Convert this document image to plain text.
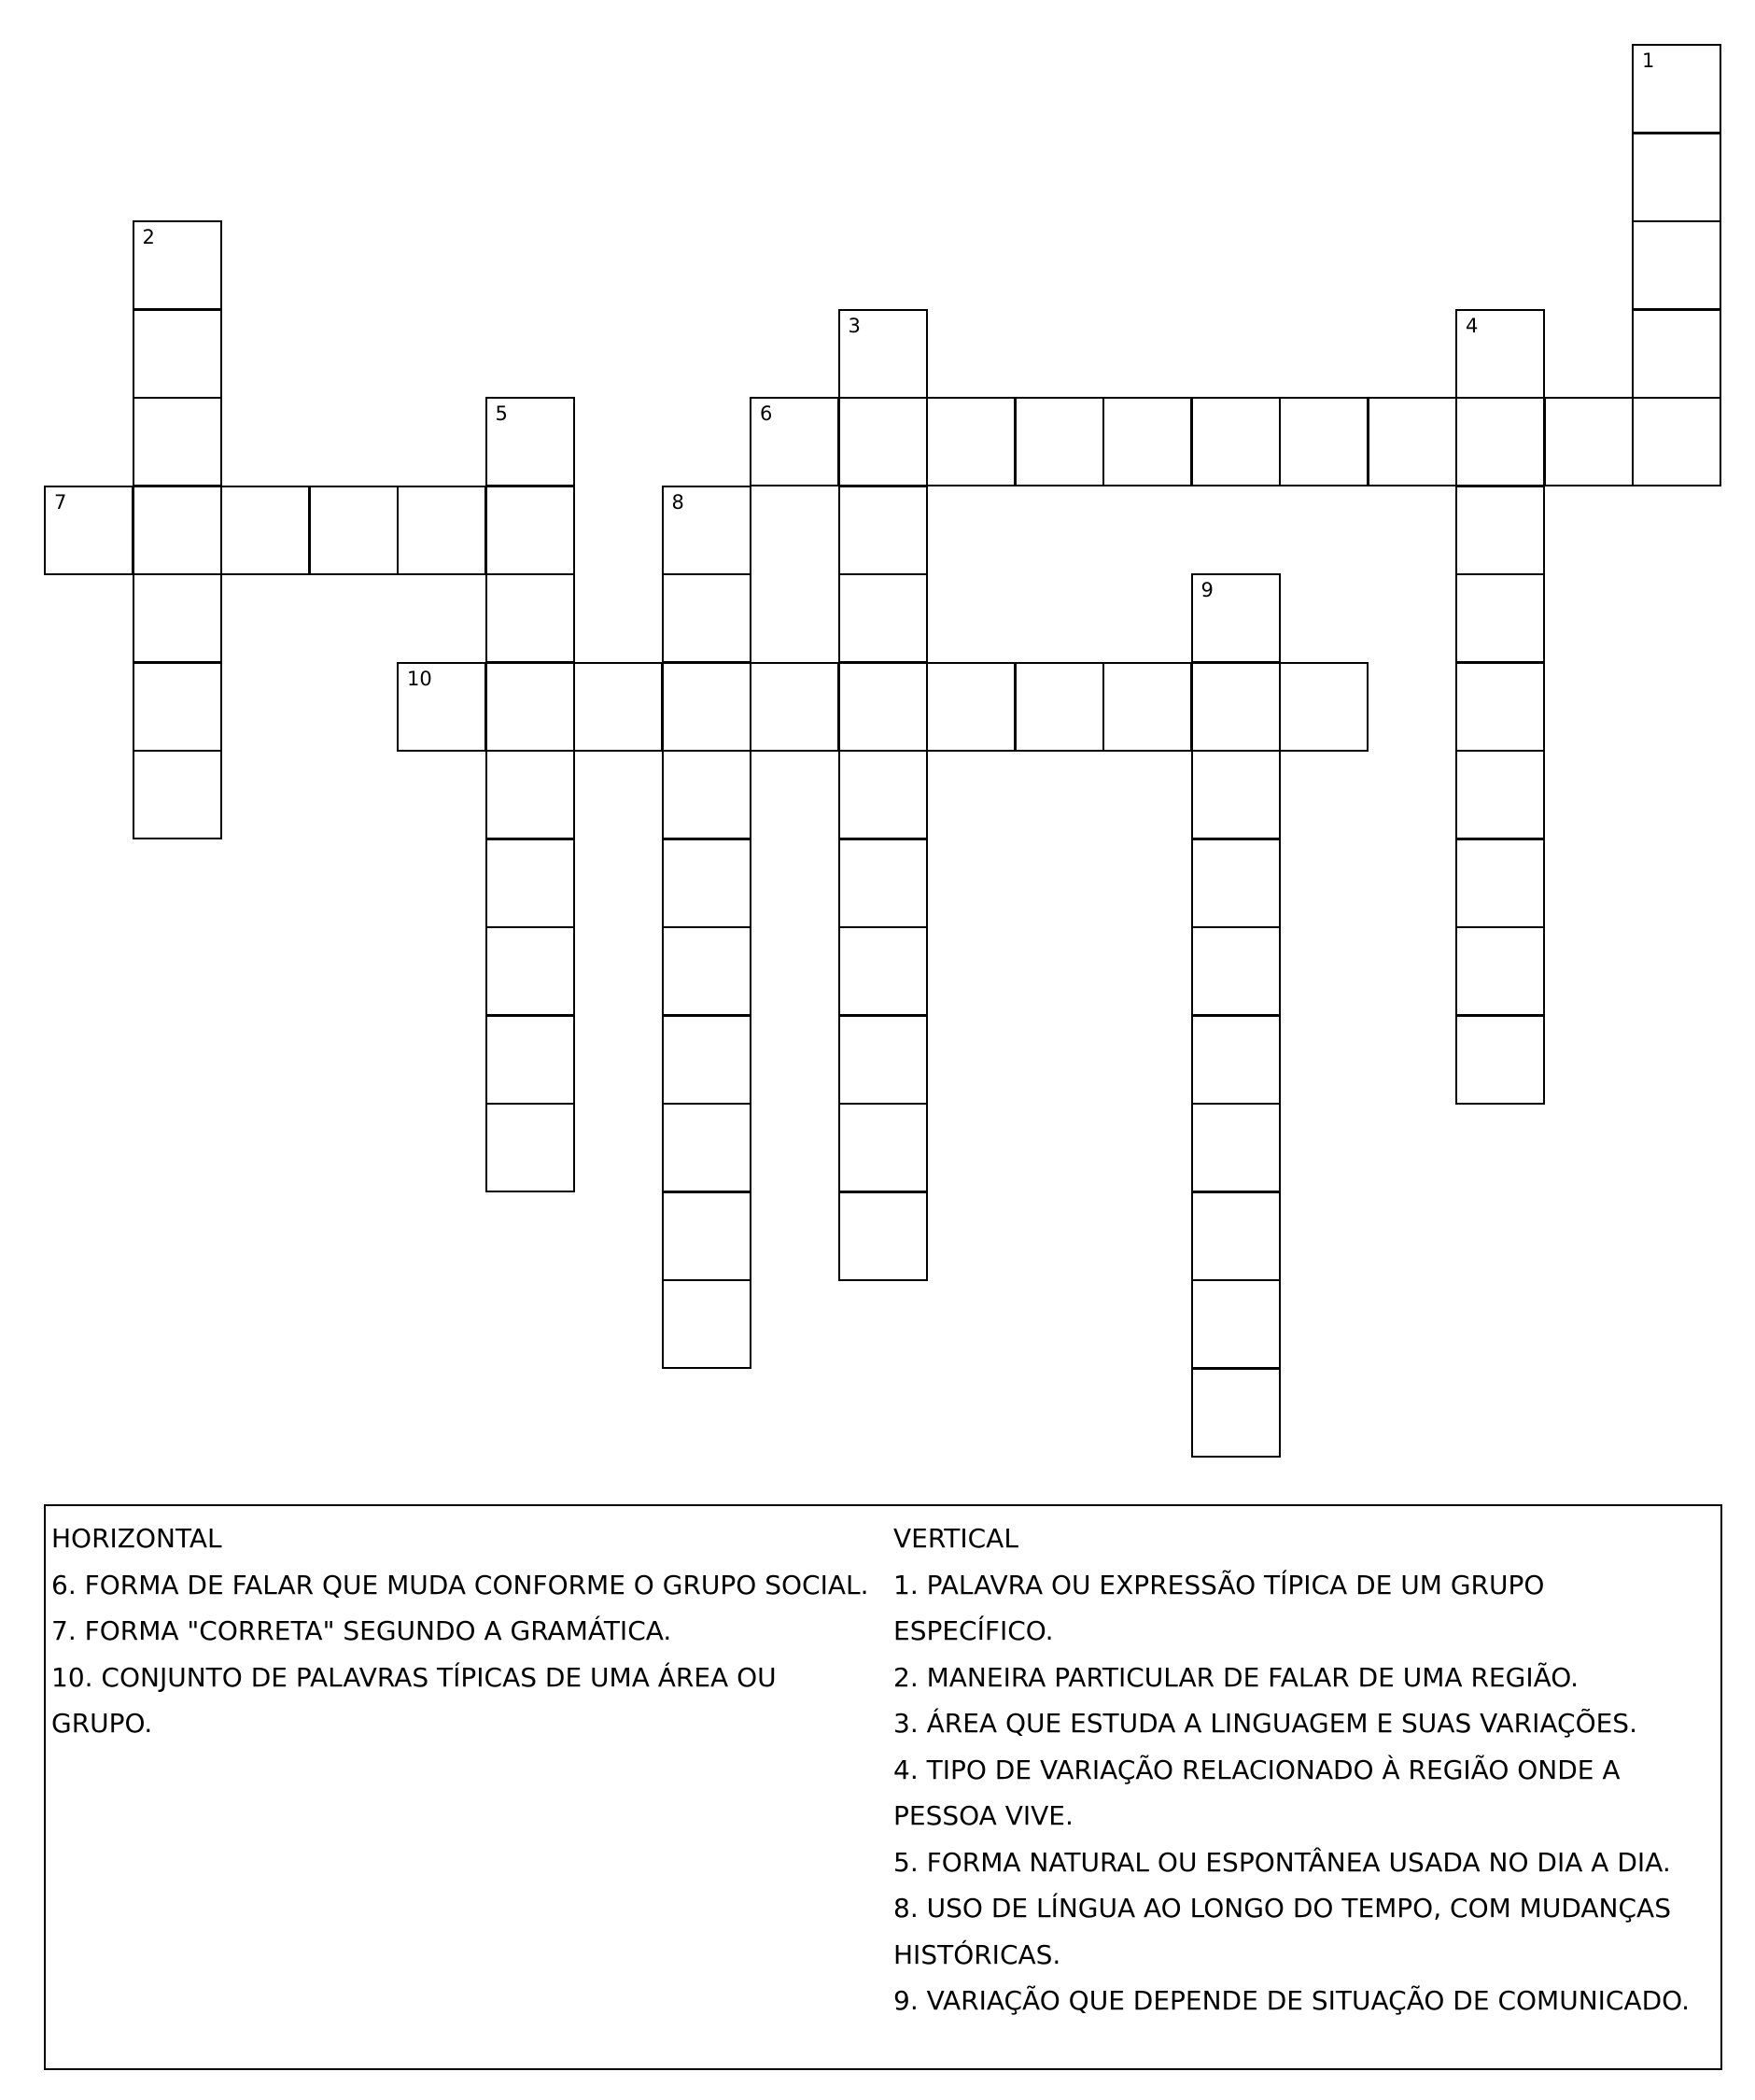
1
2
3	4
5	6
7	8
9
10
HORIZONTAL
6. FORMA DE FALAR QUE MUDA CONFORME O GRUPO SOCIAL.
7. FORMA "CORRETA" SEGUNDO A GRAMÁTICA.
10. CONJUNTO DE PALAVRAS TÍPICAS DE UMA ÁREA OU
GRUPO.
VERTICAL
1. PALAVRA OU EXPRESSÃO TÍPICA DE UM GRUPO
ESPECÍFICO.
2. MANEIRA PARTICULAR DE FALAR DE UMA REGIÃO.
3. ÁREA QUE ESTUDA A LINGUAGEM E SUAS VARIAÇÕES.
4. TIPO DE VARIAÇÃO RELACIONADO À REGIÃO ONDE A
PESSOA VIVE.
5. FORMA NATURAL OU ESPONTÂNEA USADA NO DIA A DIA.
8. USO DE LÍNGUA AO LONGO DO TEMPO, COM MUDANÇAS
HISTÓRICAS.
9. VARIAÇÃO QUE DEPENDE DE SITUAÇÃO DE COMUNICADO.
